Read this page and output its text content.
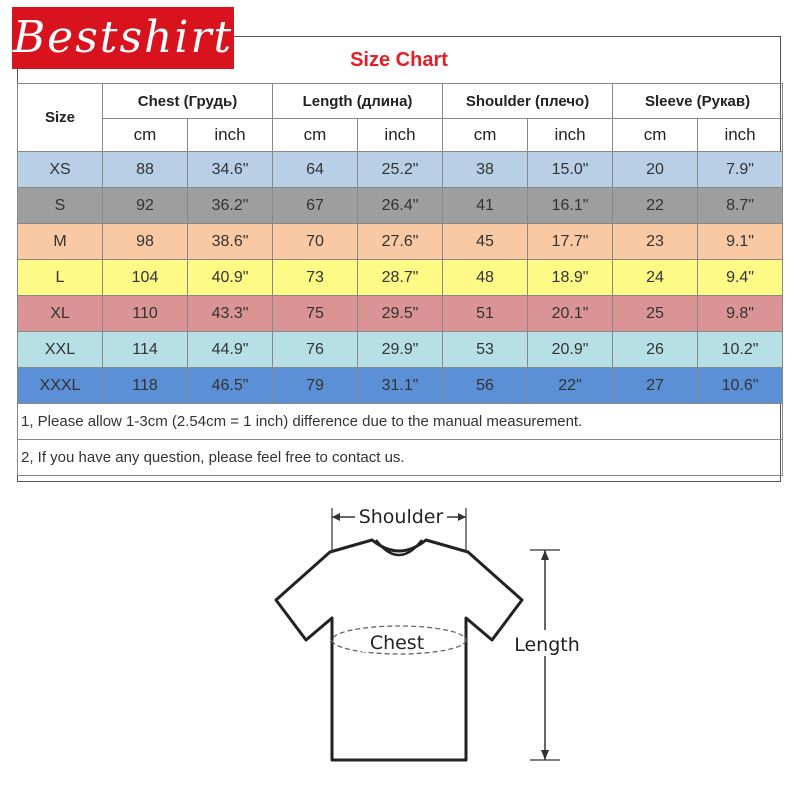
Bestshirt	Size Chart
Size	Chest (Грудь)		Length (длина)		Shoulder (плечо)		Sleeve (Рукав)	
	cm	inch	cm	inch	cm	inch	cm	inch
XS	88	34.6"	64	25.2"	38	15.0"	20	7.9"
S	92	36.2"	67	26.4"	41	16.1"	22	8.7"
M	98	38.6"	70	27.6"	45	17.7"	23	9.1"
L	104	40.9"	73	28.7"	48	18.9"	24	9.4"
XL	110	43.3"	75	29.5"	51	20.1"	25	9.8"
XXL	114	44.9"	76	29.9"	53	20.9"	26	10.2"
XXXL	118	46.5"	79	31.1"	56	22"	27	10.6"
1, Please allow 1-3cm (2.54cm = 1 inch) difference due to the manual measurement.								
2, If you have any question, please feel free to contact us.								
Shoulder
Chest	Length
